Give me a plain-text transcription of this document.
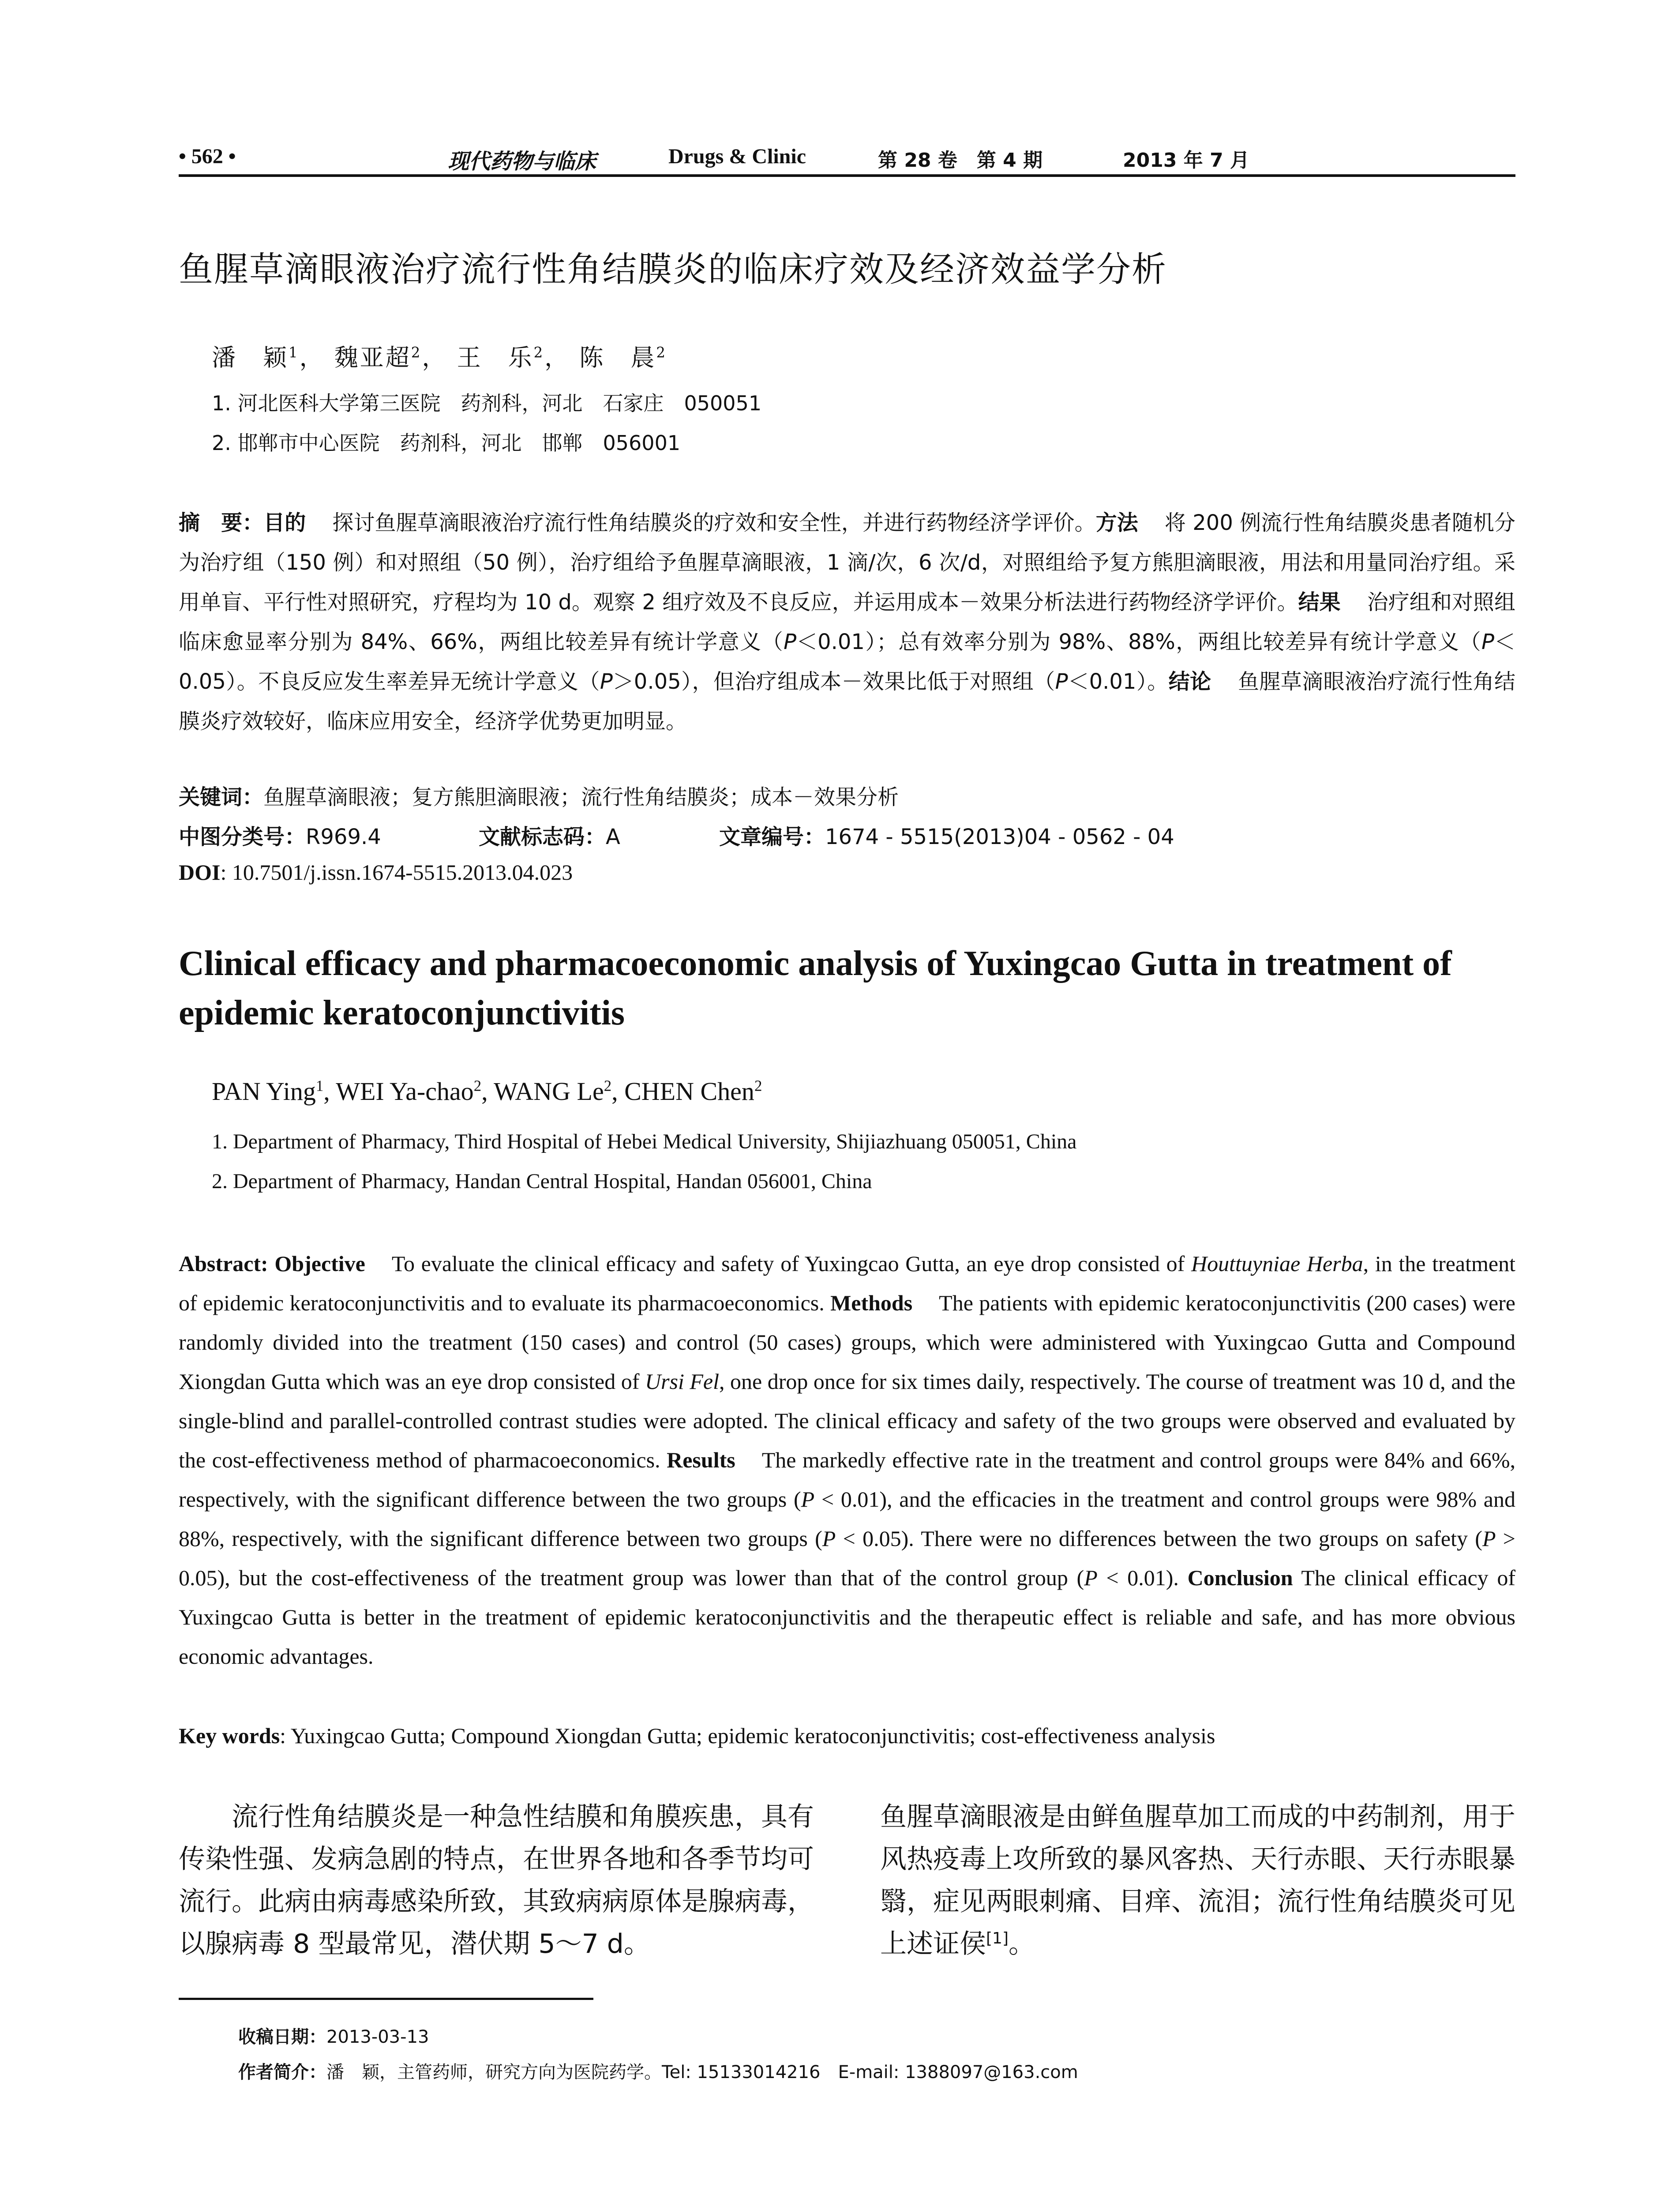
• 562 •	现代药物与临床	Drugs & Clinic	第 28 卷　第 4 期	2013 年 7 月
鱼腥草滴眼液治疗流行性角结膜炎的临床疗效及经济效益学分析
潘　颖$^1$， 魏亚超$^2$， 王　乐$^2$， 陈　晨$^2$
1. 河北医科大学第三医院　药剂科，河北　石家庄　050051
2. 邯郸市中心医院　药剂科，河北　邯郸　056001
摘　要：目的 探讨鱼腥草滴眼液治疗流行性角结膜炎的疗效和安全性，并进行药物经济学评价。方法 将 200 例流行性角结膜炎患者随机分为治疗组（150 例）和对照组（50 例），治疗组给予鱼腥草滴眼液，1 滴/次，6 次/d，对照组给予复方熊胆滴眼液，用法和用量同治疗组。采用单盲、平行性对照研究，疗程均为 10 d。观察 2 组疗效及不良反应，并运用成本－效果分析法进行药物经济学评价。结果 治疗组和对照组临床愈显率分别为 84%、66%，两组比较差异有统计学意义（P＜0.01）；总有效率分别为 98%、88%，两组比较差异有统计学意义（P＜0.05）。不良反应发生率差异无统计学意义（P＞0.05），但治疗组成本－效果比低于对照组（P＜0.01）。结论 鱼腥草滴眼液治疗流行性角结膜炎疗效较好，临床应用安全，经济学优势更加明显。
关键词：鱼腥草滴眼液；复方熊胆滴眼液；流行性角结膜炎；成本－效果分析
中图分类号：R969.4	文献标志码：A	文章编号：1674 - 5515(2013)04 - 0562 - 04
DOI: 10.7501/j.issn.1674-5515.2013.04.023
Clinical efficacy and pharmacoeconomic analysis of Yuxingcao Gutta in treatment of epidemic keratoconjunctivitis
PAN Ying$^1$, WEI Ya-chao$^2$, WANG Le$^2$, CHEN Chen$^2$
1. Department of Pharmacy, Third Hospital of Hebei Medical University, Shijiazhuang 050051, China
2. Department of Pharmacy, Handan Central Hospital, Handan 056001, China
Abstract: Objective To evaluate the clinical efficacy and safety of Yuxingcao Gutta, an eye drop consisted of Houttuyniae Herba, in the treatment of epidemic keratoconjunctivitis and to evaluate its pharmacoeconomics. Methods The patients with epidemic keratoconjunctivitis (200 cases) were randomly divided into the treatment (150 cases) and control (50 cases) groups, which were administered with Yuxingcao Gutta and Compound Xiongdan Gutta which was an eye drop consisted of Ursi Fel, one drop once for six times daily, respectively. The course of treatment was 10 d, and the single-blind and parallel-controlled contrast studies were adopted. The clinical efficacy and safety of the two groups were observed and evaluated by the cost-effectiveness method of pharmacoeconomics. Results The markedly effective rate in the treatment and control groups were 84% and 66%, respectively, with the significant difference between the two groups (P < 0.01), and the efficacies in the treatment and control groups were 98% and 88%, respectively, with the significant difference between two groups (P < 0.05). There were no differences between the two groups on safety (P > 0.05), but the cost-effectiveness of the treatment group was lower than that of the control group (P < 0.01). Conclusion The clinical efficacy of Yuxingcao Gutta is better in the treatment of epidemic keratoconjunctivitis and the therapeutic effect is reliable and safe, and has more obvious economic advantages.
Key words: Yuxingcao Gutta; Compound Xiongdan Gutta; epidemic keratoconjunctivitis; cost-effectiveness analysis
流行性角结膜炎是一种急性结膜和角膜疾患，具有传染性强、发病急剧的特点，在世界各地和各季节均可流行。此病由病毒感染所致，其致病病原体是腺病毒，以腺病毒 8 型最常见，潜伏期 5～7 d。
鱼腥草滴眼液是由鲜鱼腥草加工而成的中药制剂，用于风热疫毒上攻所致的暴风客热、天行赤眼、天行赤眼暴翳，症见两眼刺痛、目痒、流泪；流行性角结膜炎可见上述证侯[1]。
收稿日期：2013-03-13
作者简介：潘　颖，主管药师，研究方向为医院药学。Tel: 15133014216　E-mail: 1388097@163.com
